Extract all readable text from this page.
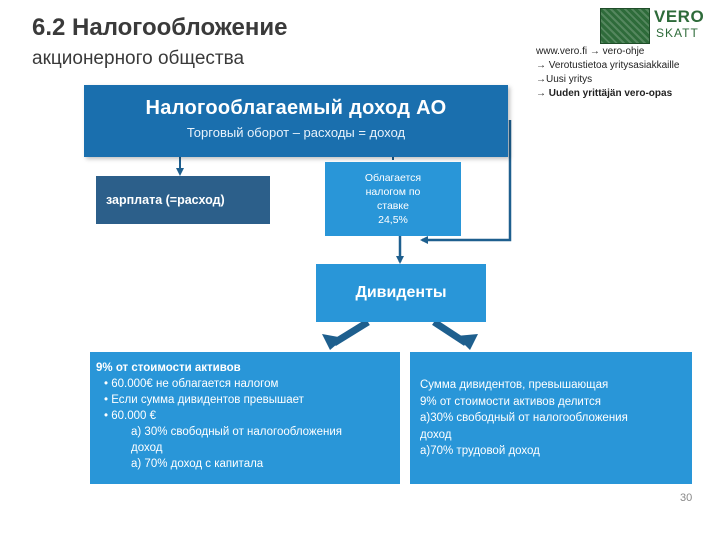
6.2 Налогообложение
акционерного общества
VERO
SKATT
www.vero.fi → vero-ohje
→ Verotustietoa yritysasiakkaille
→Uusi yritys
→ Uuden yrittäjän vero-opas
Налогооблагаемый доход АО
Торговый оборот – расходы = доход
зарплата (=расход)
Облагается
налогом по
ставке
24,5%
Дивиденты
9% от стоимости активов
• 60.000€ не облагается налогом
• Если сумма дивидентов превышает
• 60.000 €
а) 30% свободный от налогообложения
доход
а) 70% доход с капитала
Сумма дивидентов, превышающая
9% от стоимости активов делится
а)30% свободный от налогообложения
доход
а)70% трудовой доход
30
